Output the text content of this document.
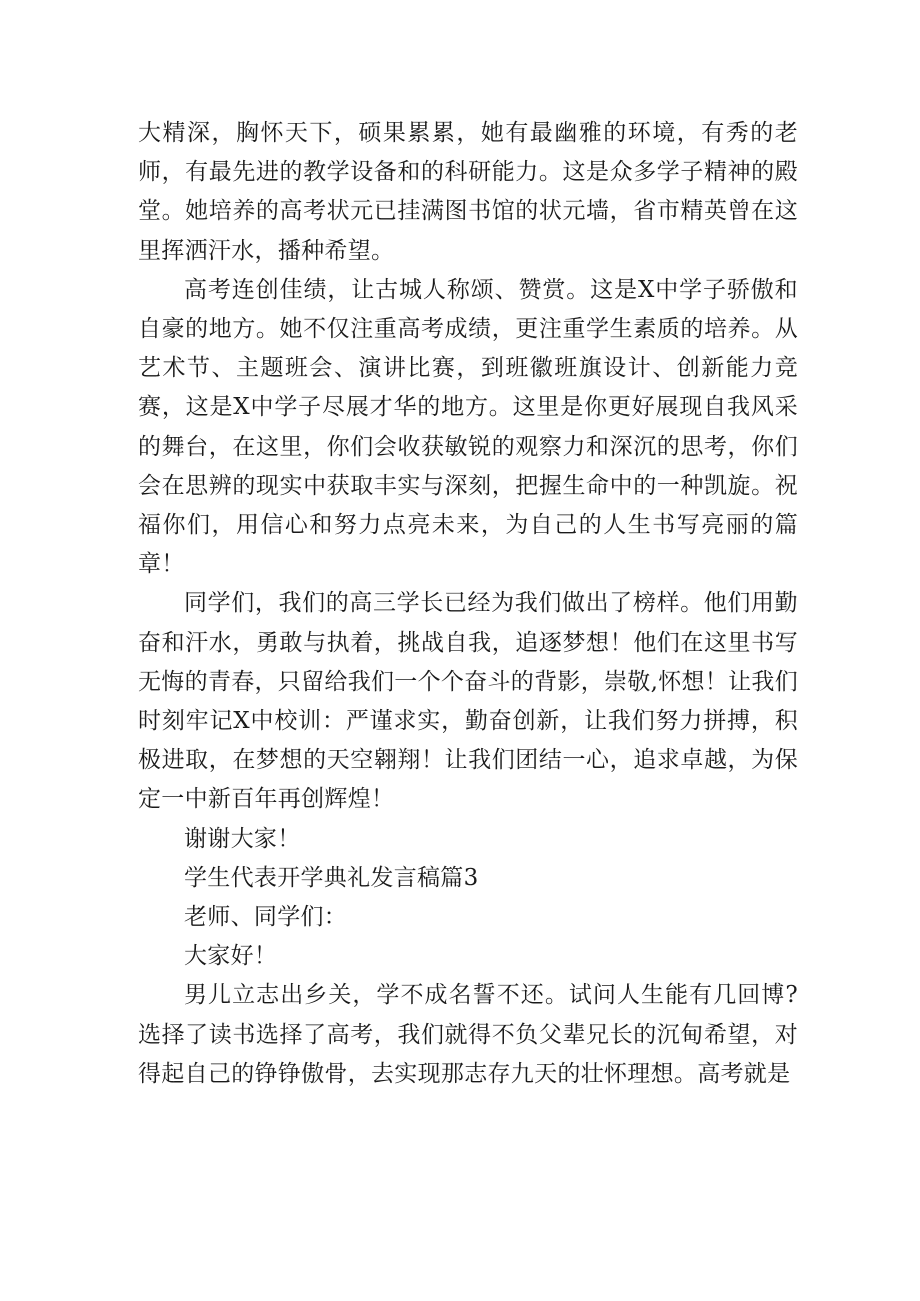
大精深，胸怀天下，硕果累累，她有最幽雅的环境，有秀的老师，有最先进的教学设备和的科研能力。这是众多学子精神的殿堂。她培养的高考状元已挂满图书馆的状元墙，省市精英曾在这里挥洒汗水，播种希望。

高考连创佳绩，让古城人称颂、赞赏。这是X中学子骄傲和自豪的地方。她不仅注重高考成绩，更注重学生素质的培养。从艺术节、主题班会、演讲比赛，到班徽班旗设计、创新能力竞赛，这是X中学子尽展才华的地方。这里是你更好展现自我风采的舞台，在这里，你们会收获敏锐的观察力和深沉的思考，你们会在思辨的现实中获取丰实与深刻，把握生命中的一种凯旋。祝福你们，用信心和努力点亮未来，为自己的人生书写亮丽的篇章！

同学们，我们的高三学长已经为我们做出了榜样。他们用勤奋和汗水，勇敢与执着，挑战自我，追逐梦想！他们在这里书写无悔的青春，只留给我们一个个奋斗的背影，崇敬,怀想！让我们时刻牢记X中校训：严谨求实，勤奋创新，让我们努力拼搏，积极进取，在梦想的天空翱翔！让我们团结一心，追求卓越，为保定一中新百年再创辉煌！

谢谢大家！

学生代表开学典礼发言稿篇3

老师、同学们：

大家好！

男儿立志出乡关，学不成名誓不还。试问人生能有几回博?选择了读书选择了高考，我们就得不负父辈兄长的沉甸希望，对得起自己的铮铮傲骨，去实现那志存九天的壮怀理想。高考就是
